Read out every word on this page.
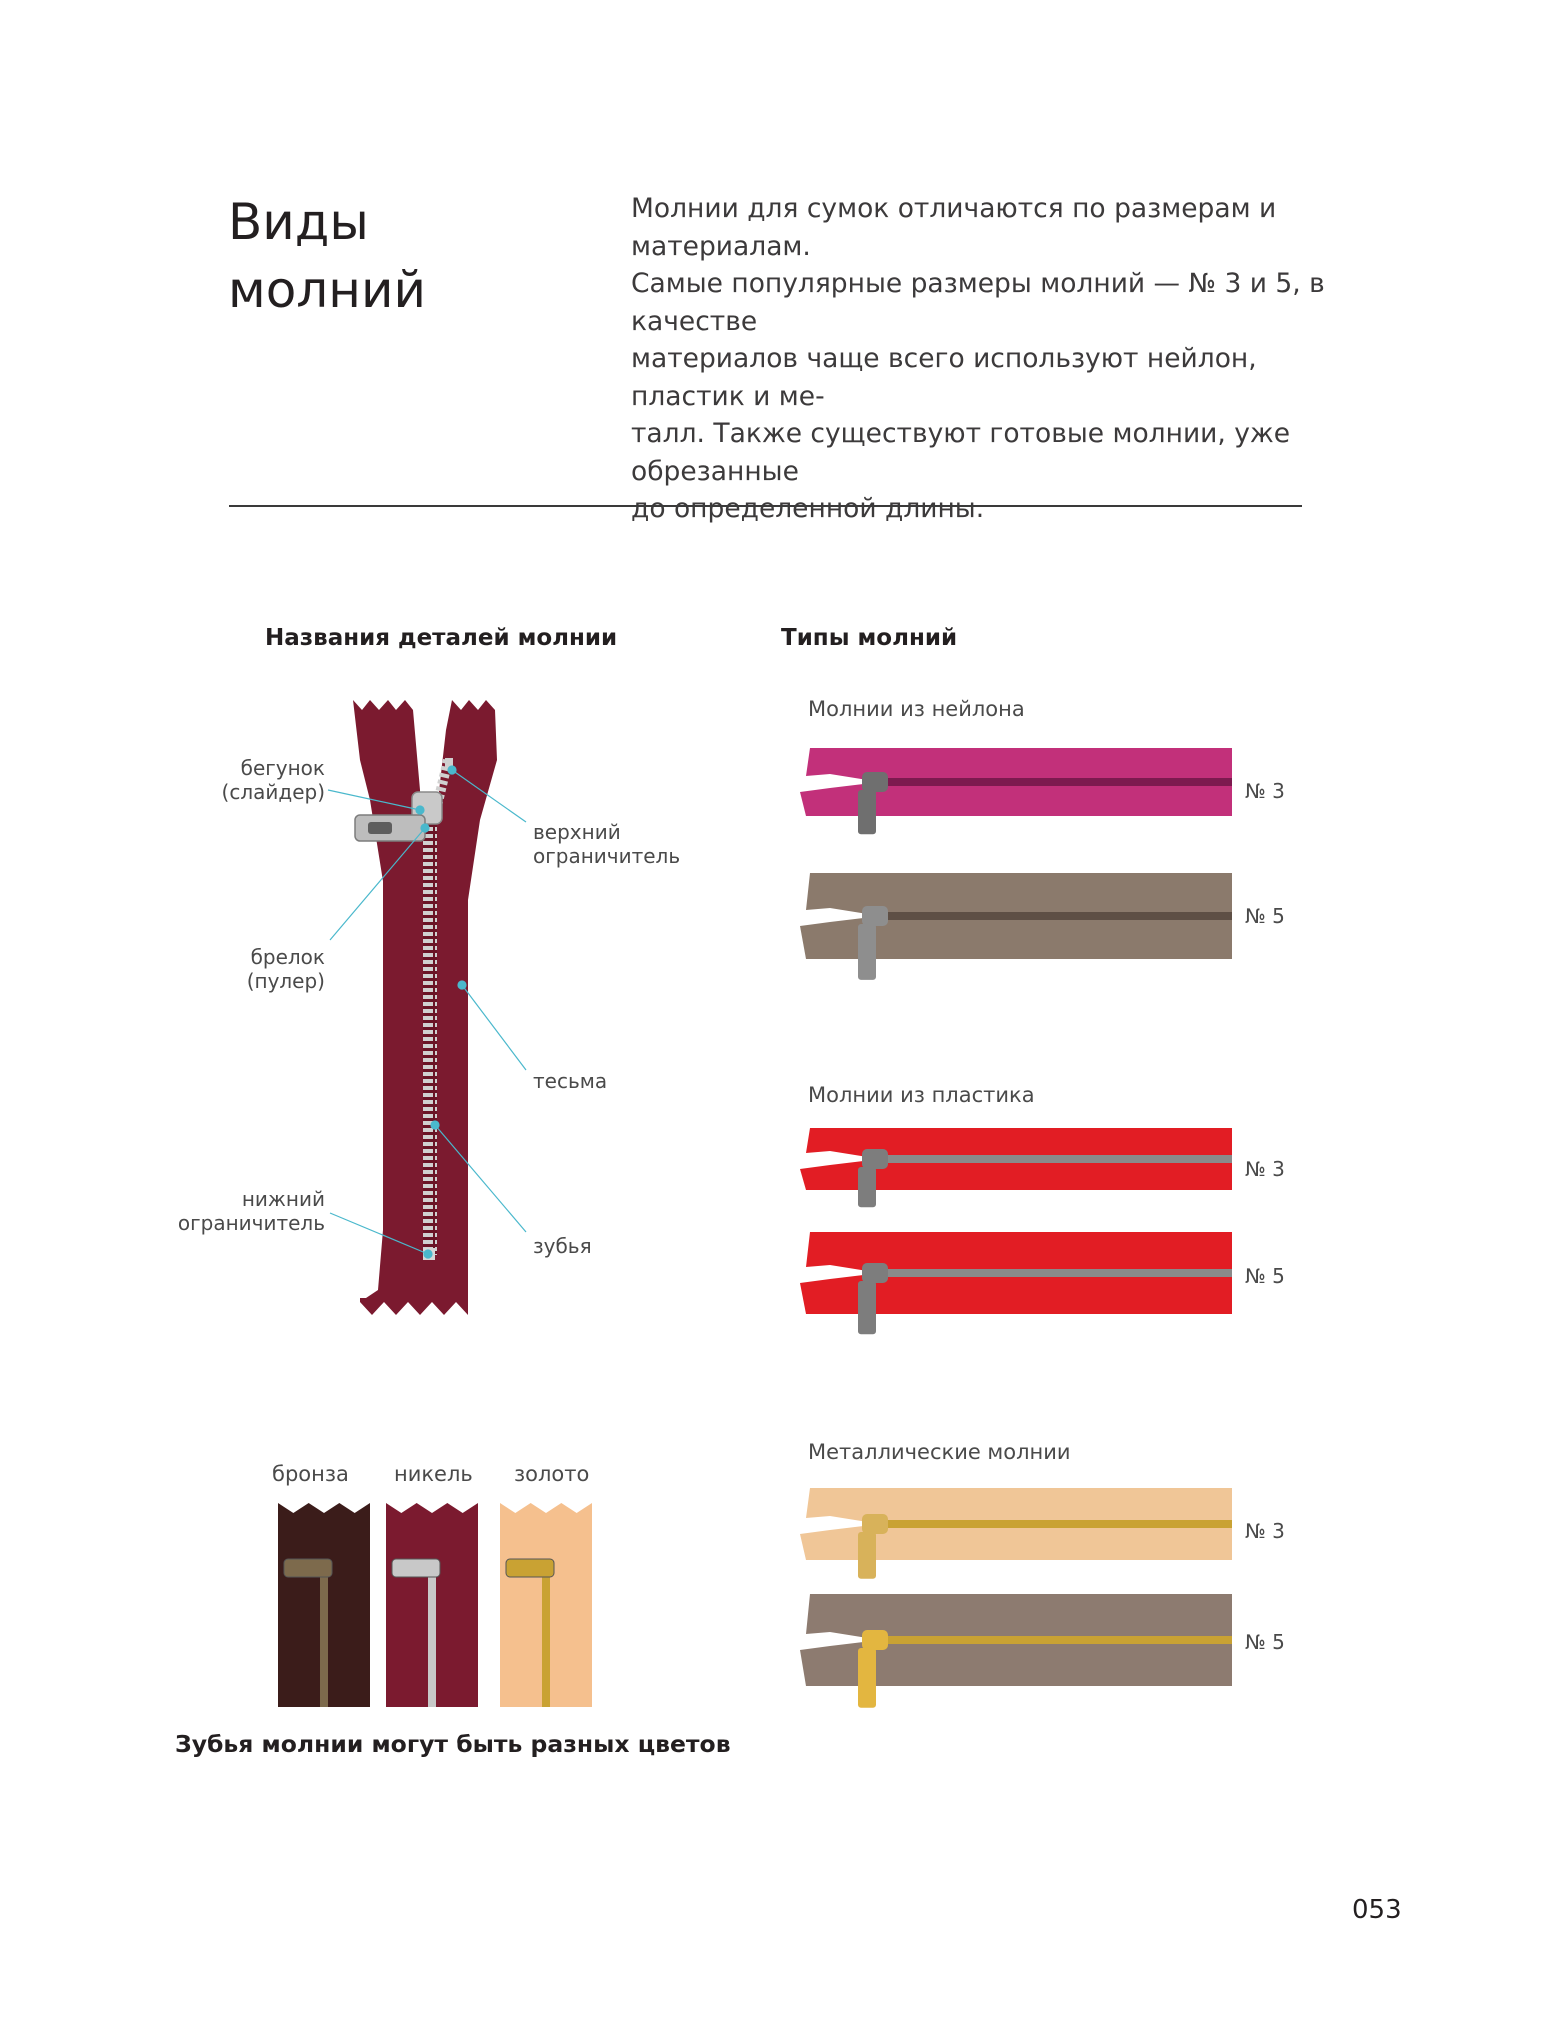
Виды
молний

Молнии для сумок отличаются по размерам и материалам.
Самые популярные размеры молний — № 3 и 5, в качестве
материалов чаще всего используют нейлон, пластик и ме-
талл. Также существуют готовые молнии, уже обрезанные
до определенной длины.

Названия деталей молнии
бегунок
(слайдер)
верхний
ограничитель
брелок
(пулер)
тесьма
нижний
ограничитель
зубья
Типы молний
Молнии из нейлона
Молнии из пластика
Металлические молнии
№ 3
№ 5
№ 3
№ 5
№ 3
№ 5
бронза никель золото
Зубья молнии могут быть разных цветов
053
